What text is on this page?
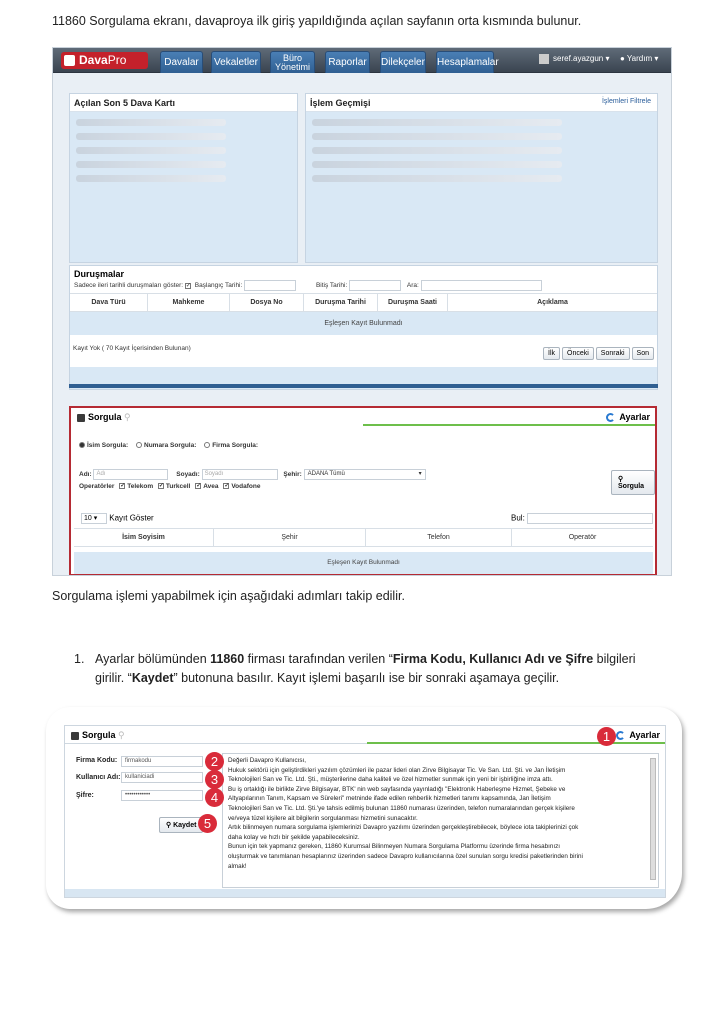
11860 Sorgulama ekranı, davaproya ilk giriş yapıldığında açılan sayfanın orta kısmında bulunur.
DavaPro	Davalar	Vekaletler	Büro
Yönetimi	Raporlar	Dilekçeler Hesaplamalar	seref.ayazgun ▾ ● Yardım ▾
Açılan Son 5 Dava Kartı	İşlem Geçmişi	İşlemleri Filtrele
Duruşmalar
Sadece ileri tarihli duruşmaları göster: ✓ Başlangıç Tarihi:	Bitiş Tarihi:	Ara:
Dava Türü	Mahkeme	Dosya No	Duruşma Tarihi	Duruşma Saati	Açıklama
Eşleşen Kayıt Bulunmadı
Kayıt Yok ( 70 Kayıt İçerisinden Bulunan)
İlk Önceki Sonraki Son
Sorgula ⚲	Ayarlar
İsim Sorgula: Numara Sorgula: Firma Sorgula:
Adı: Adı	Soyadı: Soyadı	Şehir: ADANA Tümü	▾
⚲ Sorgula
Operatörler ✓ Telekom ✓ Turkcell ✓ Avea ✓ Vodafone
10 ▾ Kayıt Göster	Bul:
İsim Soyisim	Şehir	Telefon	Operatör
Eşleşen Kayıt Bulunmadı
Sorgulama işlemi yapabilmek için aşağıdaki adımları takip edilir.
1. Ayarlar bölümünden 11860 firması tarafından verilen “Firma Kodu, Kullanıcı Adı ve Şifre bilgileri girilir. “Kaydet” butonuna basılır. Kayıt işlemi başarılı ise bir sonraki aşamaya geçilir.
Sorgula ⚲	Ayarlar
Firma Kodu:	firmakodu
Kullanıcı Adı: kullaniciadi
Şifre:	••••••••••••
⚲ Kaydet
Değerli Davapro Kullanıcısı,
Hukuk sektörü için geliştirdikleri yazılım çözümleri ile pazar lideri olan Zirve Bilgisayar Tic. Ve San. Ltd. Şti. ve Jan İletişim
Teknolojileri San ve Tic. Ltd. Şti., müşterilerine daha kaliteli ve özel hizmetler sunmak için yeni bir işbirliğine imza attı.
Bu iş ortaklığı ile birlikte Zirve Bilgisayar, BTK' nin web sayfasında yayınladığı "Elektronik Haberleşme Hizmet, Şebeke ve
Altyapılarının Tanım, Kapsam ve Süreleri" metninde ifade edilen rehberlik hizmetleri tanımı kapsamında, Jan İletişim
Teknolojileri San ve Tic. Ltd. Şti.'ye tahsis edilmiş bulunan 11860 numarası üzerinden, telefon numaralarından gerçek kişilere
ve/veya tüzel kişilere ait bilgilerin sorgulanması hizmetini sunacaktır.
Artık bilinmeyen numara sorgulama işlemlerinizi Davapro yazılımı üzerinden gerçekleştirebilecek, böylece iota takiplerinizi çok
daha kolay ve hızlı bir şekilde yapabileceksiniz.
Bunun için tek yapmanız gereken, 11860 Kurumsal Bilinmeyen Numara Sorgulama Platformu üzerinde firma hesabınızı
oluşturmak ve tanımlanan hesaplarınız üzerinden sadece Davapro kullanıcılarına özel sunulan sorgu kredisi paketlerinden birini
almak!
1
2
3
4
5
